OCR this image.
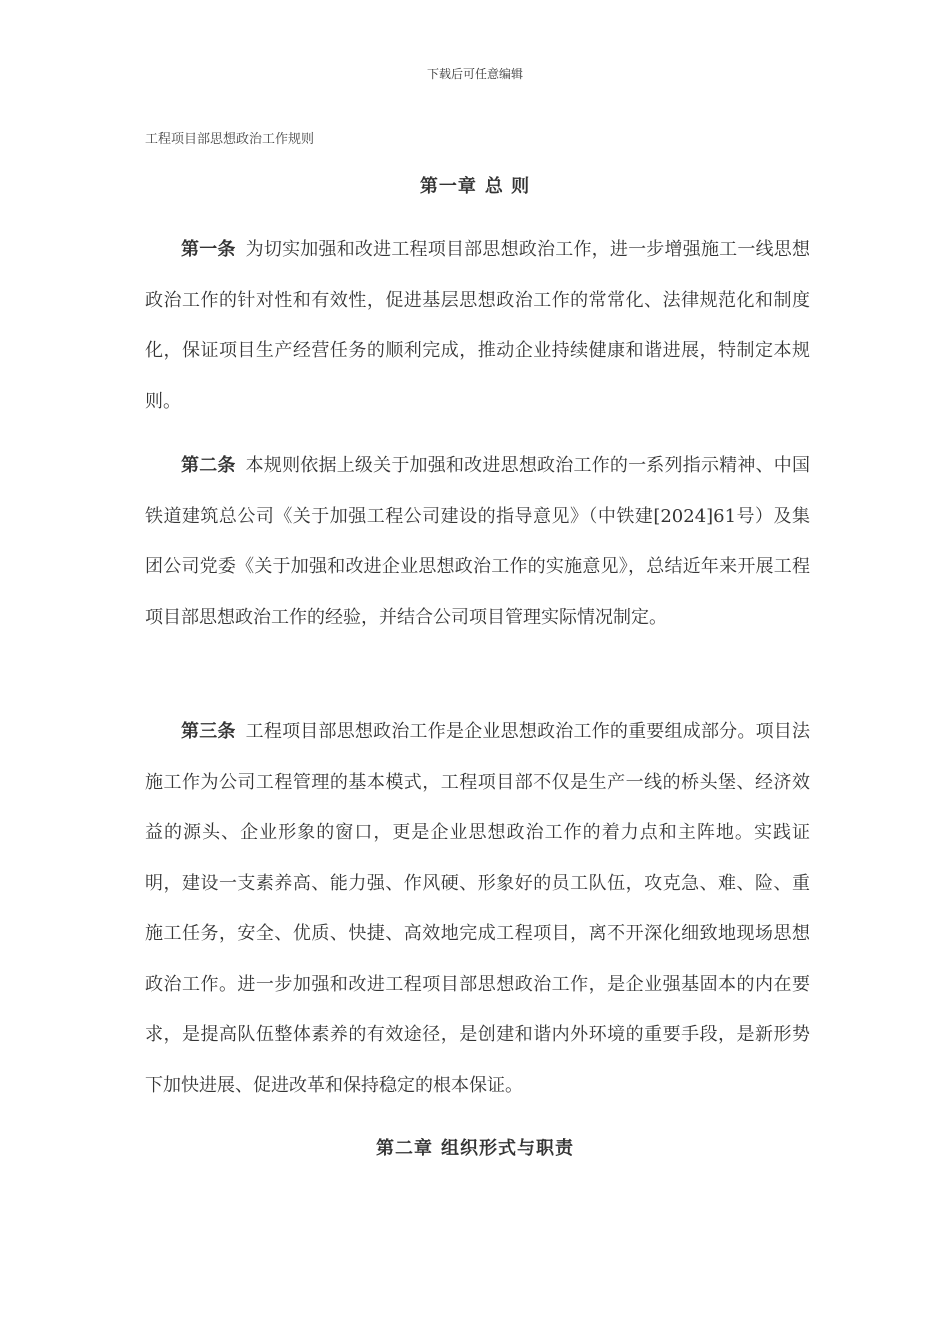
下载后可任意编辑
工程项目部思想政治工作规则
第一章 总 则
第一条 为切实加强和改进工程项目部思想政治工作，进一步增强施工一线思想政治工作的针对性和有效性，促进基层思想政治工作的常常化、法律规范化和制度化，保证项目生产经营任务的顺利完成，推动企业持续健康和谐进展，特制定本规则。
第二条 本规则依据上级关于加强和改进思想政治工作的一系列指示精神、中国铁道建筑总公司《关于加强工程公司建设的指导意见》（中铁建[2024]61号）及集团公司党委《关于加强和改进企业思想政治工作的实施意见》，总结近年来开展工程项目部思想政治工作的经验，并结合公司项目管理实际情况制定。
第三条 工程项目部思想政治工作是企业思想政治工作的重要组成部分。项目法施工作为公司工程管理的基本模式，工程项目部不仅是生产一线的桥头堡、经济效益的源头、企业形象的窗口，更是企业思想政治工作的着力点和主阵地。实践证明，建设一支素养高、能力强、作风硬、形象好的员工队伍，攻克急、难、险、重施工任务，安全、优质、快捷、高效地完成工程项目，离不开深化细致地现场思想政治工作。进一步加强和改进工程项目部思想政治工作，是企业强基固本的内在要求，是提高队伍整体素养的有效途径，是创建和谐内外环境的重要手段，是新形势下加快进展、促进改革和保持稳定的根本保证。
第二章 组织形式与职责
